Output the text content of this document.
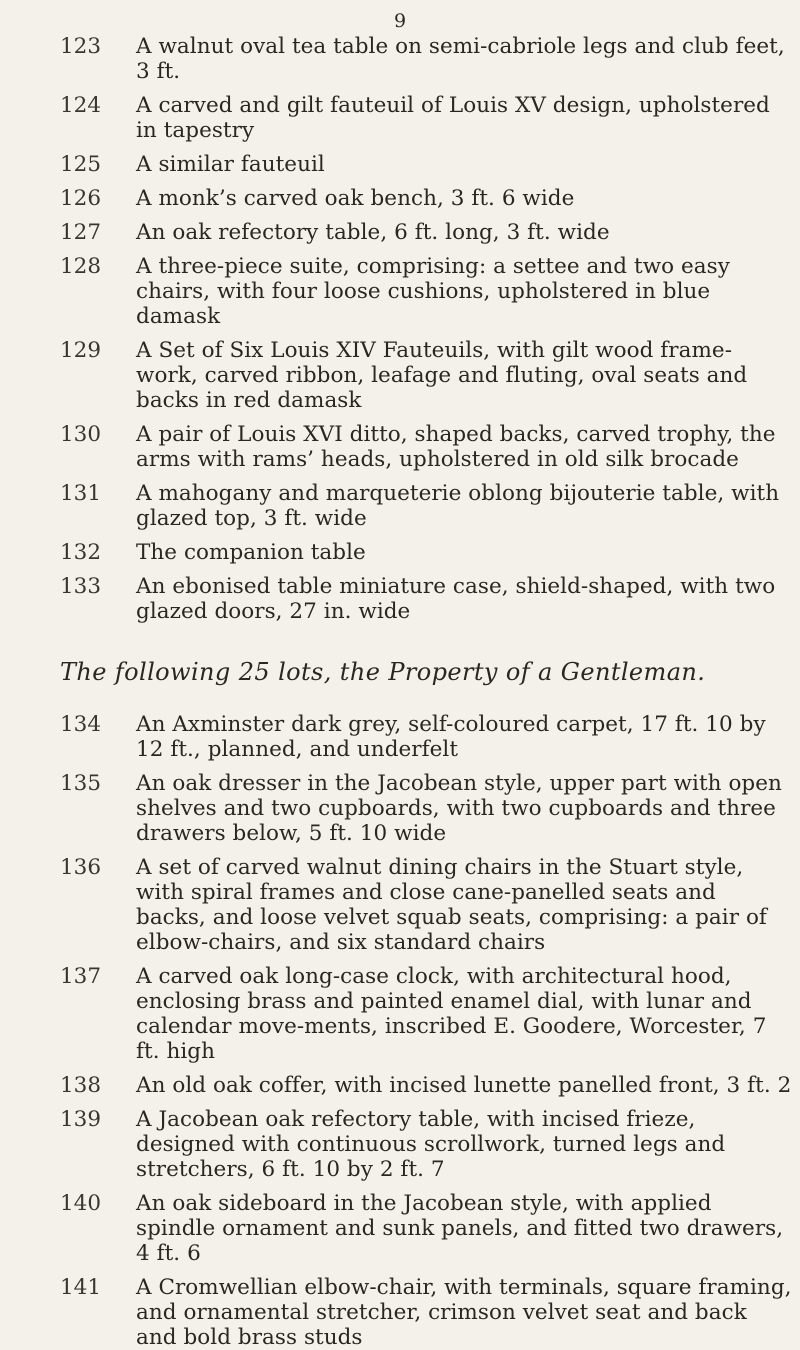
9
123	A walnut oval tea table on semi-cabriole legs and club feet, 3 ft.
124	A carved and gilt fauteuil of Louis XV design, upholstered in tapestry
125	A similar fauteuil
126	A monk’s carved oak bench, 3 ft. 6 wide
127	An oak refectory table, 6 ft. long, 3 ft. wide
128	A three-piece suite, comprising: a settee and two easy chairs, with four loose cushions, upholstered in blue damask
129	A Set of Six Louis XIV Fauteuils, with gilt wood frame-work, carved ribbon, leafage and fluting, oval seats and backs in red damask
130	A pair of Louis XVI ditto, shaped backs, carved trophy, the arms with rams’ heads, upholstered in old silk brocade
131	A mahogany and marqueterie oblong bijouterie table, with glazed top, 3 ft. wide
132	The companion table
133	An ebonised table miniature case, shield-shaped, with two glazed doors, 27 in. wide
The following 25 lots, the Property of a Gentleman.
134	An Axminster dark grey, self-coloured carpet, 17 ft. 10 by 12 ft., planned, and underfelt
135	An oak dresser in the Jacobean style, upper part with open shelves and two cupboards, with two cupboards and three drawers below, 5 ft. 10 wide
136	A set of carved walnut dining chairs in the Stuart style, with spiral frames and close cane-panelled seats and backs, and loose velvet squab seats, comprising: a pair of elbow-chairs, and six standard chairs
137	A carved oak long-case clock, with architectural hood, enclosing brass and painted enamel dial, with lunar and calendar move-ments, inscribed E. Gooderе, Worcester, 7 ft. high
138	An old oak coffer, with incised lunette panelled front, 3 ft. 2
139	A Jacobean oak refectory table, with incised frieze, designed with continuous scrollwork, turned legs and stretchers, 6 ft. 10 by 2 ft. 7
140	An oak sideboard in the Jacobean style, with applied spindle ornament and sunk panels, and fitted two drawers, 4 ft. 6
141	A Cromwellian elbow-chair, with terminals, square framing, and ornamental stretcher, crimson velvet seat and back and bold brass studs
